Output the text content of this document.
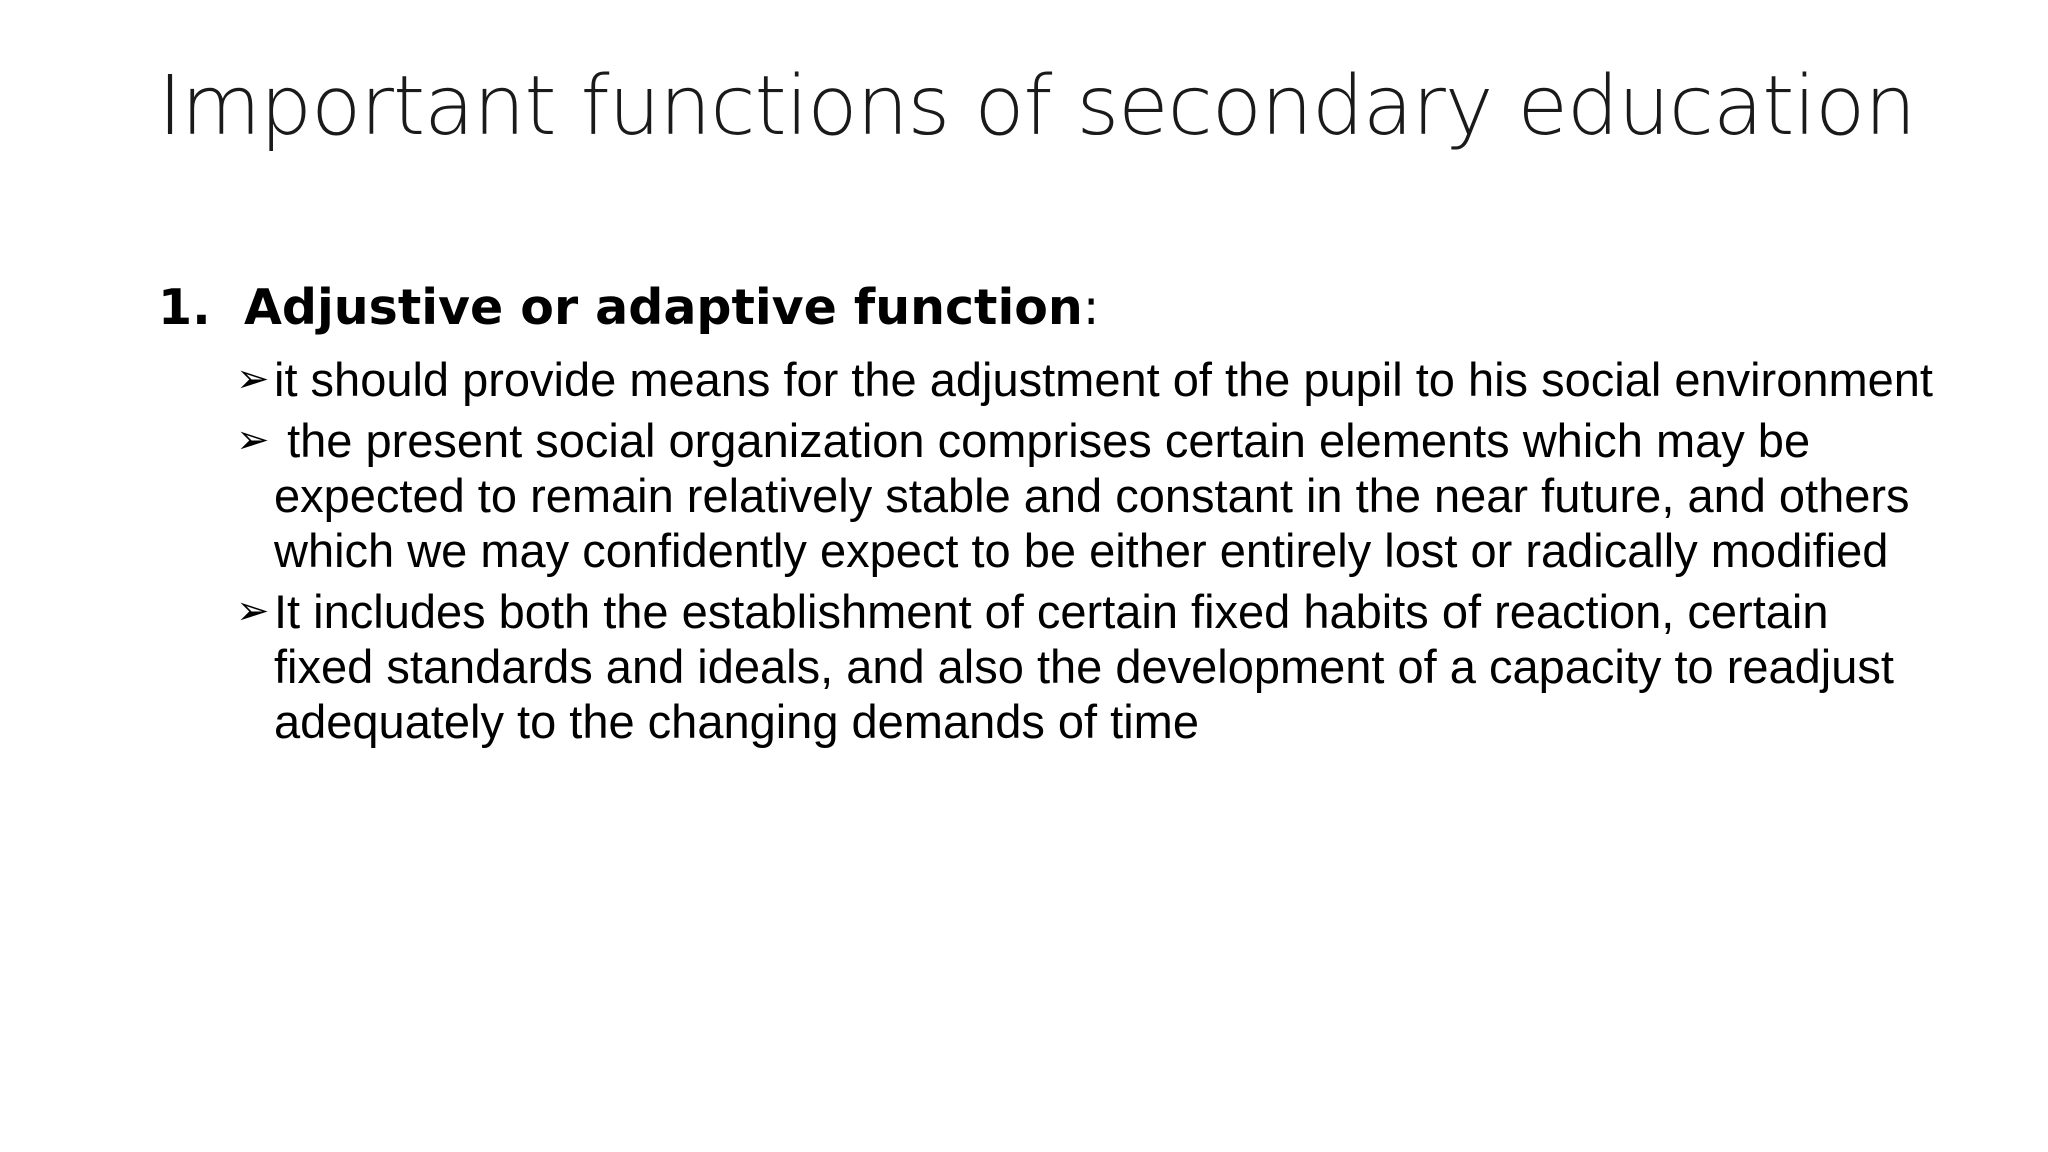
Important functions of secondary education
1. Adjustive or adaptive function:
➢ it should provide means for the adjustment of the pupil to his social environment
➢ the present social organization comprises certain elements which may be expected to remain relatively stable and constant in the near future, and others which we may confidently expect to be either entirely lost or radically modified
➢ It includes both the establishment of certain fixed habits of reaction, certain fixed standards and ideals, and also the development of a capacity to readjust adequately to the changing demands of time
